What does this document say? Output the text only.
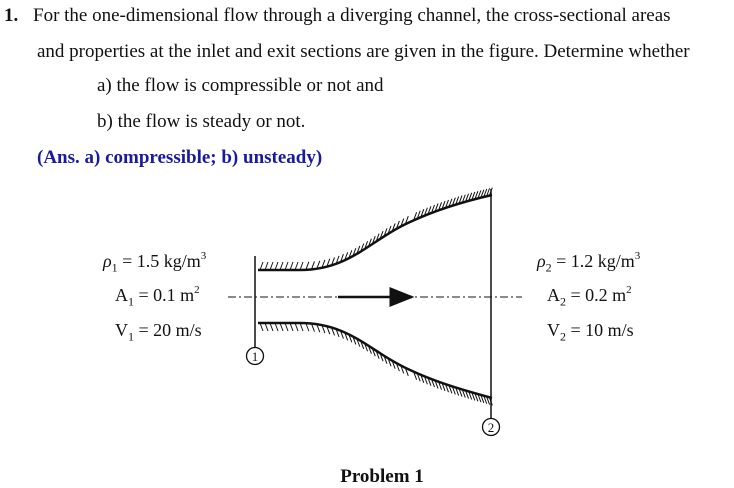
1. For the one-dimensional flow through a diverging channel, the cross-sectional areas
and properties at the inlet and exit sections are given in the figure. Determine whether
a) the flow is compressible or not and
b) the flow is steady or not.
(Ans. a) compressible; b) unsteady)
$\rho_1 = 1.5$ $kg/m^3$
$A_1 = 0.1$ $m^2$
$V_1 = 20$ m/s
$\rho_2 = 1.2$ $kg/m^3$
$A_2 = 0.2$ $m^2$
$V_2 = 10$ m/s
1
2
Problem 1
